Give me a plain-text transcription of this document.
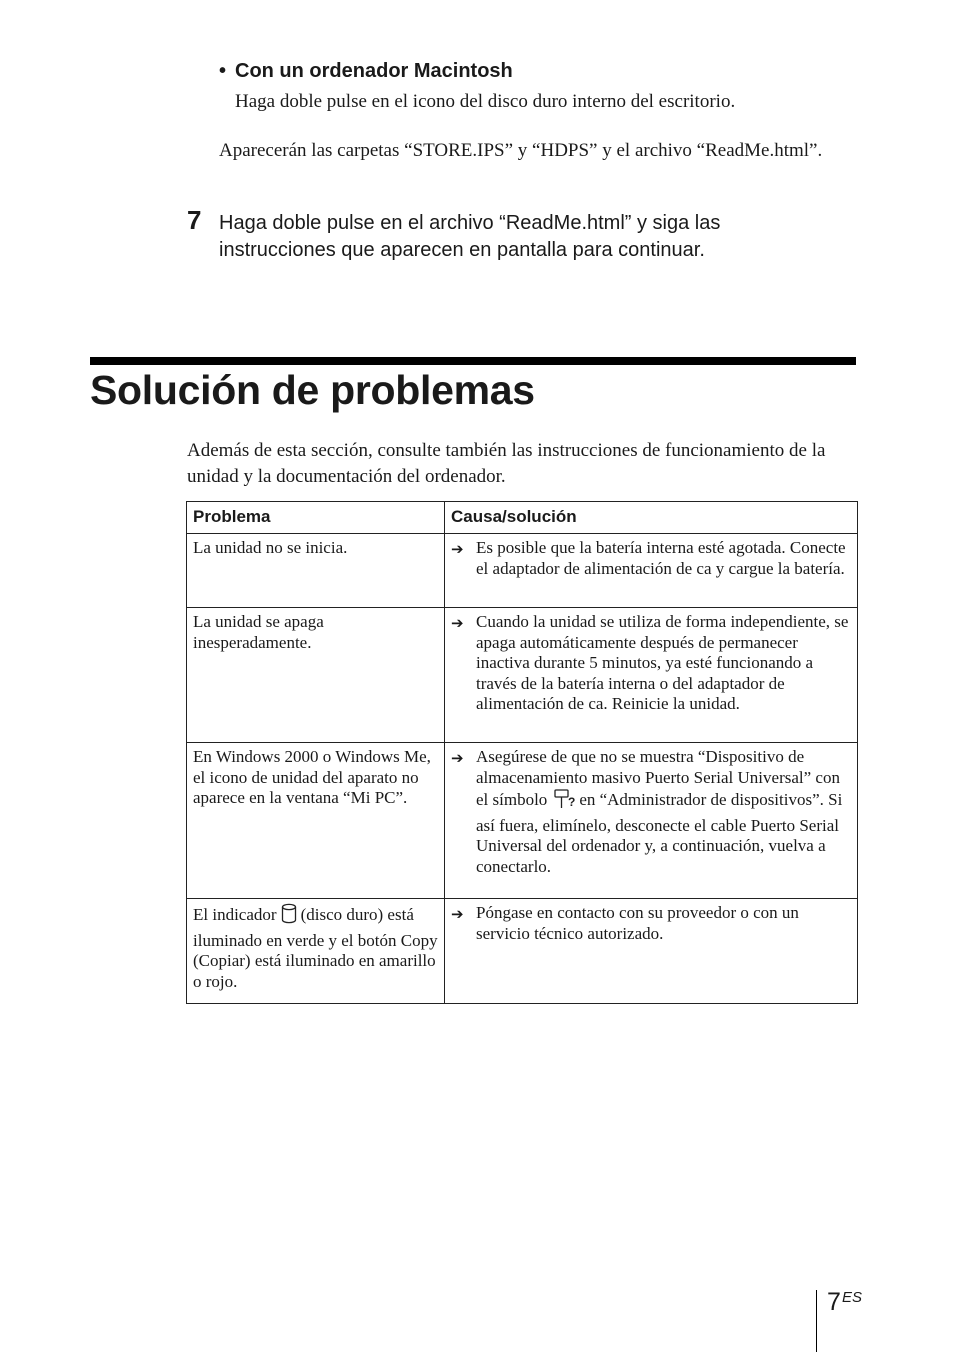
• Con un ordenador Macintosh
Haga doble pulse en el icono del disco duro interno del escritorio.
Aparecerán las carpetas “STORE.IPS” y “HDPS” y el archivo “ReadMe.html”.
7 Haga doble pulse en el archivo “ReadMe.html” y siga las instrucciones que aparecen en pantalla para continuar.
Solución de problemas
Además de esta sección, consulte también las instrucciones de funcionamiento de la unidad y la documentación del ordenador.
Problema	Causa/solución
La unidad no se inicia.	➔ Es posible que la batería interna esté agotada. Conecte el adaptador de alimentación de ca y cargue la batería.

La unidad se apaga inesperadamente.	➔ Cuando la unidad se utiliza de forma independiente, se apaga automáticamente después de permanecer inactiva durante 5 minutos, ya esté funcionando a través de la batería interna o del adaptador de alimentación de ca. Reinicie la unidad.

En Windows 2000 o Windows Me, el icono de unidad del aparato no aparece en la ventana “Mi PC”.	➔ Asegúrese de que no se muestra “Dispositivo de almacenamiento masivo Puerto Serial Universal” con el símbolo ? en “Administrador de dispositivos”. Si así fuera, elimínelo, desconecte el cable Puerto Serial Universal del ordenador y, a continuación, vuelva a conectarlo.

El indicador (disco duro) está iluminado en verde y el botón Copy (Copiar) está iluminado en amarillo o rojo.	➔ Póngase en contacto con su proveedor o con un servicio técnico autorizado.
7 ES
